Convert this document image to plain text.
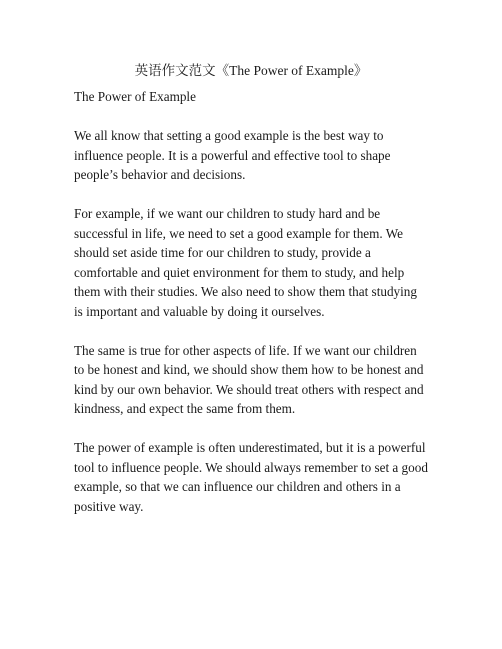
英语作文范文《The Power of Example》
The Power of Example
We all know that setting a good example is the best way to
influence people. It is a powerful and effective tool to shape
people’s behavior and decisions.
For example, if we want our children to study hard and be
successful in life, we need to set a good example for them. We
should set aside time for our children to study, provide a
comfortable and quiet environment for them to study, and help
them with their studies. We also need to show them that studying
is important and valuable by doing it ourselves.
The same is true for other aspects of life. If we want our children
to be honest and kind, we should show them how to be honest and
kind by our own behavior. We should treat others with respect and
kindness, and expect the same from them.
The power of example is often underestimated, but it is a powerful
tool to influence people. We should always remember to set a good
example, so that we can influence our children and others in a
positive way.
